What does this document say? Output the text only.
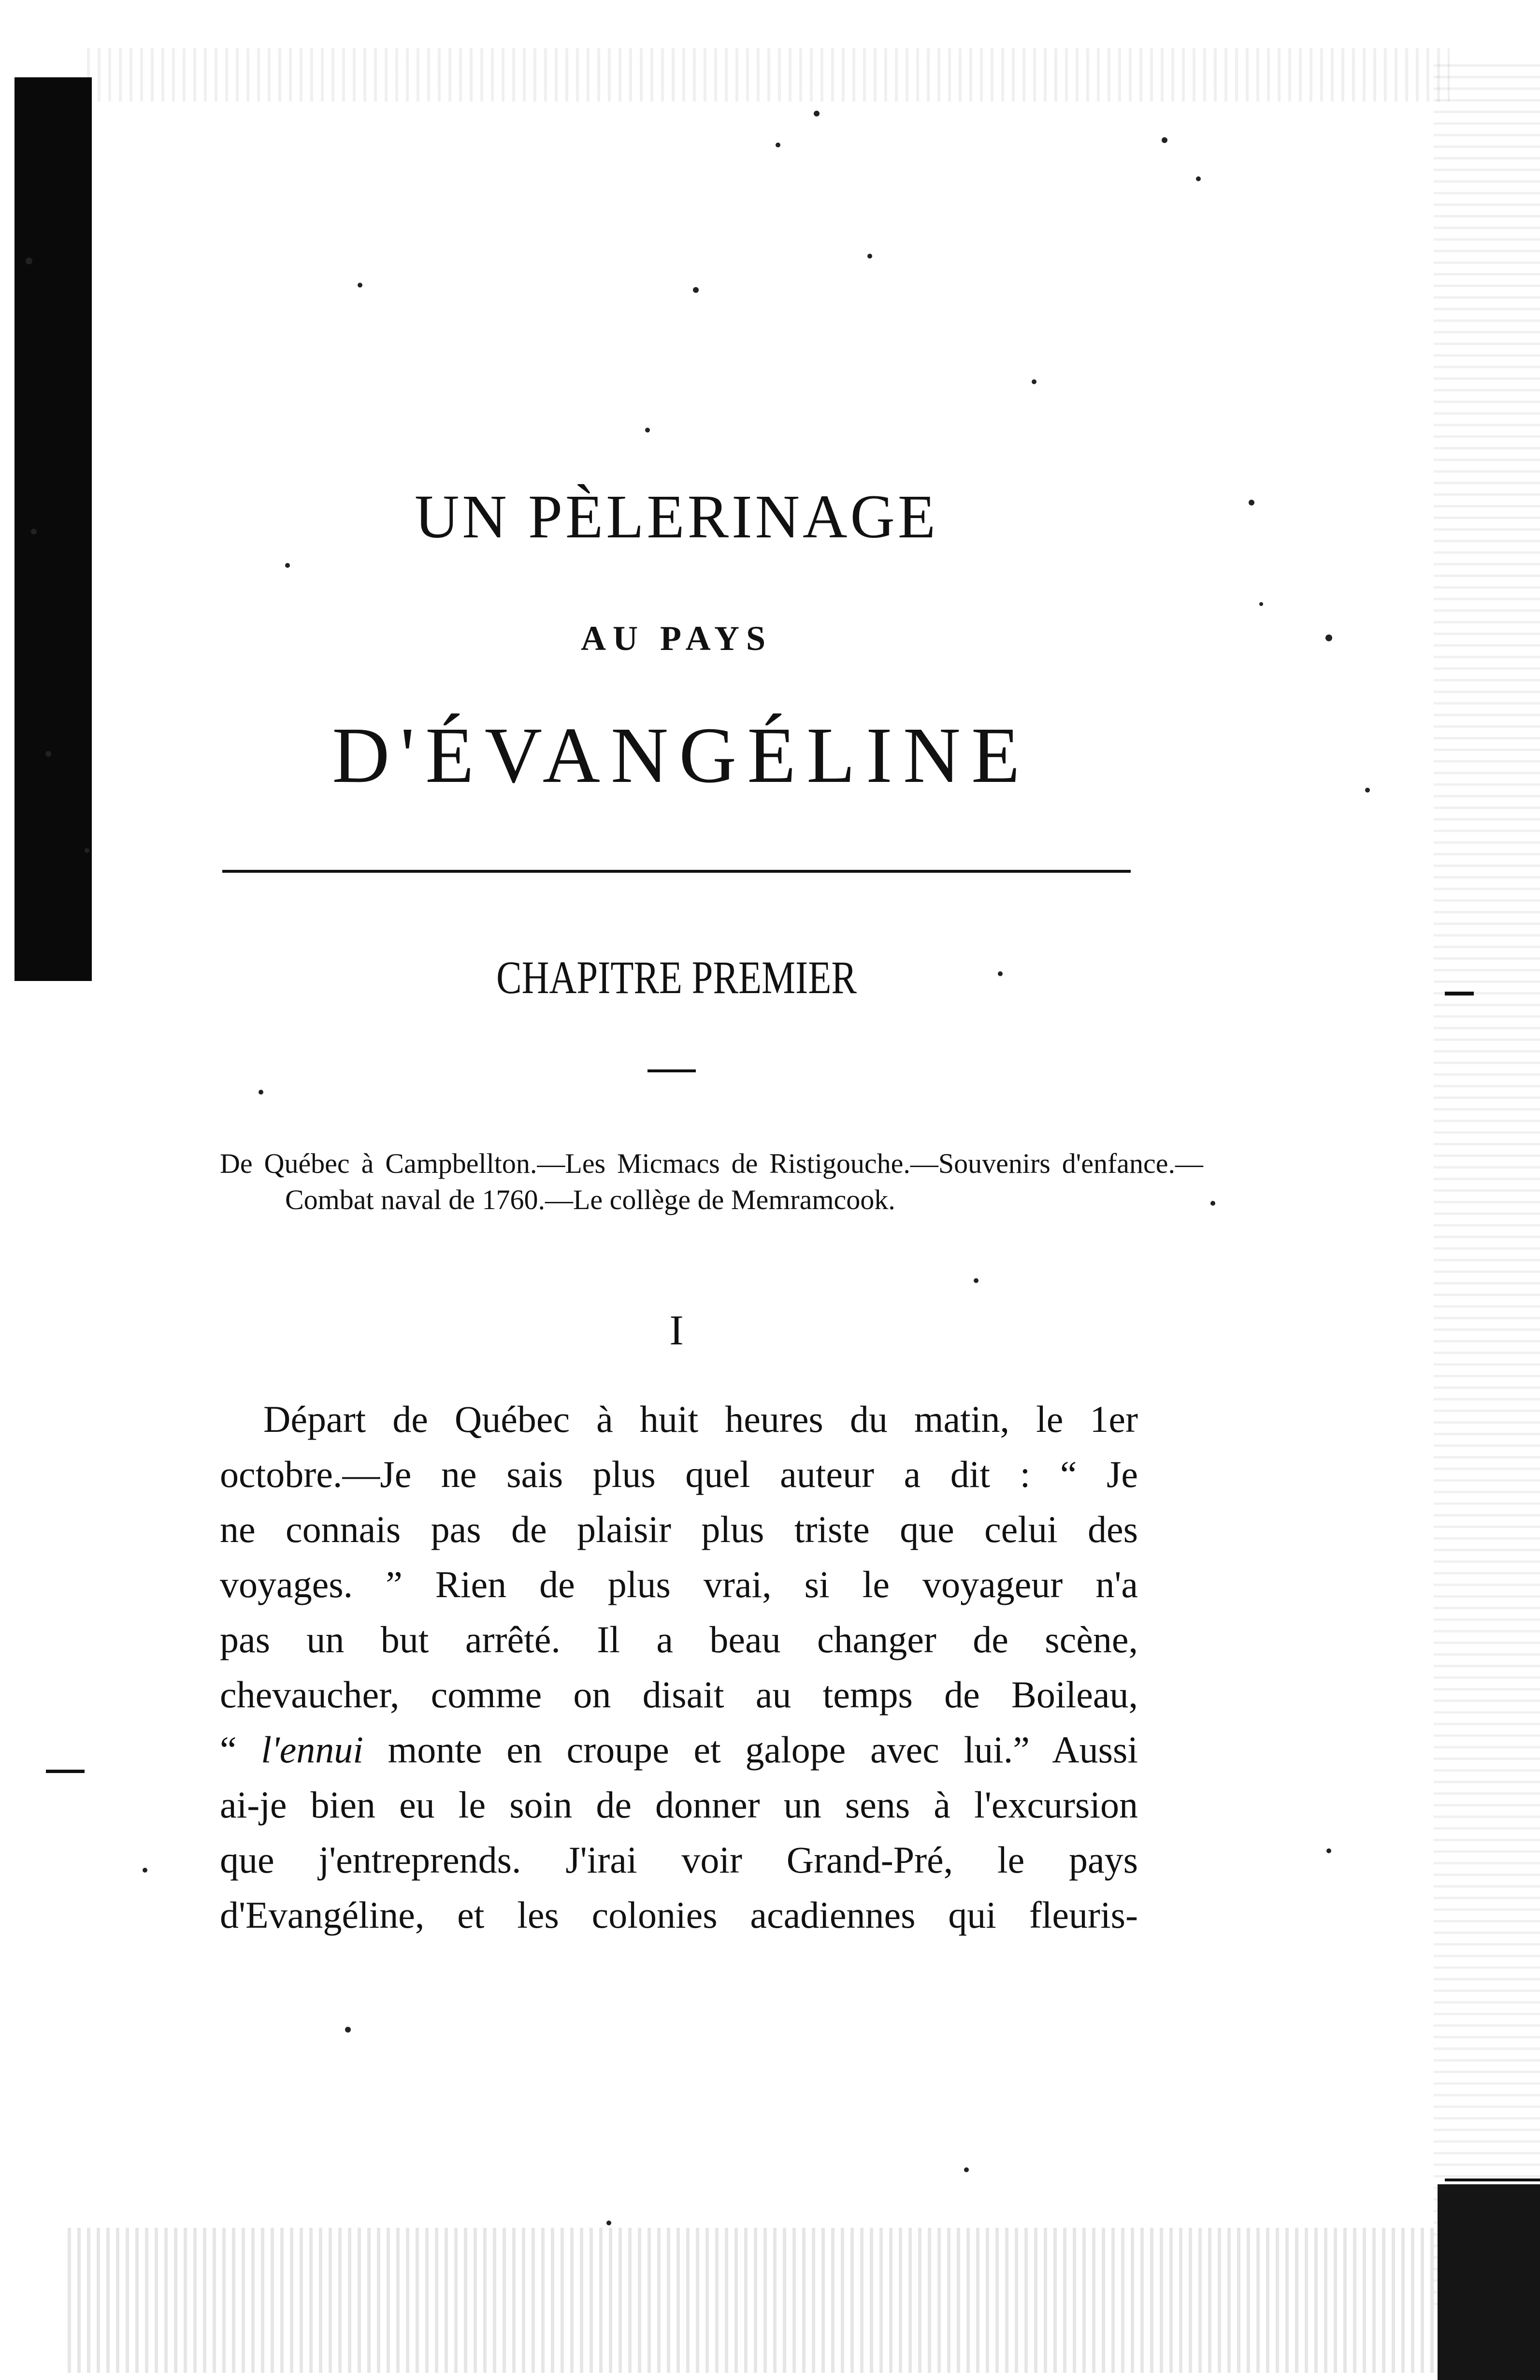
UN PÈLERINAGE
AU PAYS
D'ÉVANGÉLINE
CHAPITRE PREMIER
De Québec à Campbellton.—Les Micmacs de Ristigouche.—Souvenirs d'enfance.—Combat naval de 1760.—Le collège de Memramcook.
I
Départ de Québec à huit heures du matin, le 1er
octobre.—Je ne sais plus quel auteur a dit : “ Je
ne connais pas de plaisir plus triste que celui des
voyages. ” Rien de plus vrai, si le voyageur n'a
pas un but arrêté. Il a beau changer de scène,
chevaucher, comme on disait au temps de Boileau,
“ l'ennui monte en croupe et galope avec lui.” Aussi
ai-je bien eu le soin de donner un sens à l'excursion
que j'entreprends. J'irai voir Grand-Pré, le pays
d'Evangéline, et les colonies acadiennes qui fleuris-
